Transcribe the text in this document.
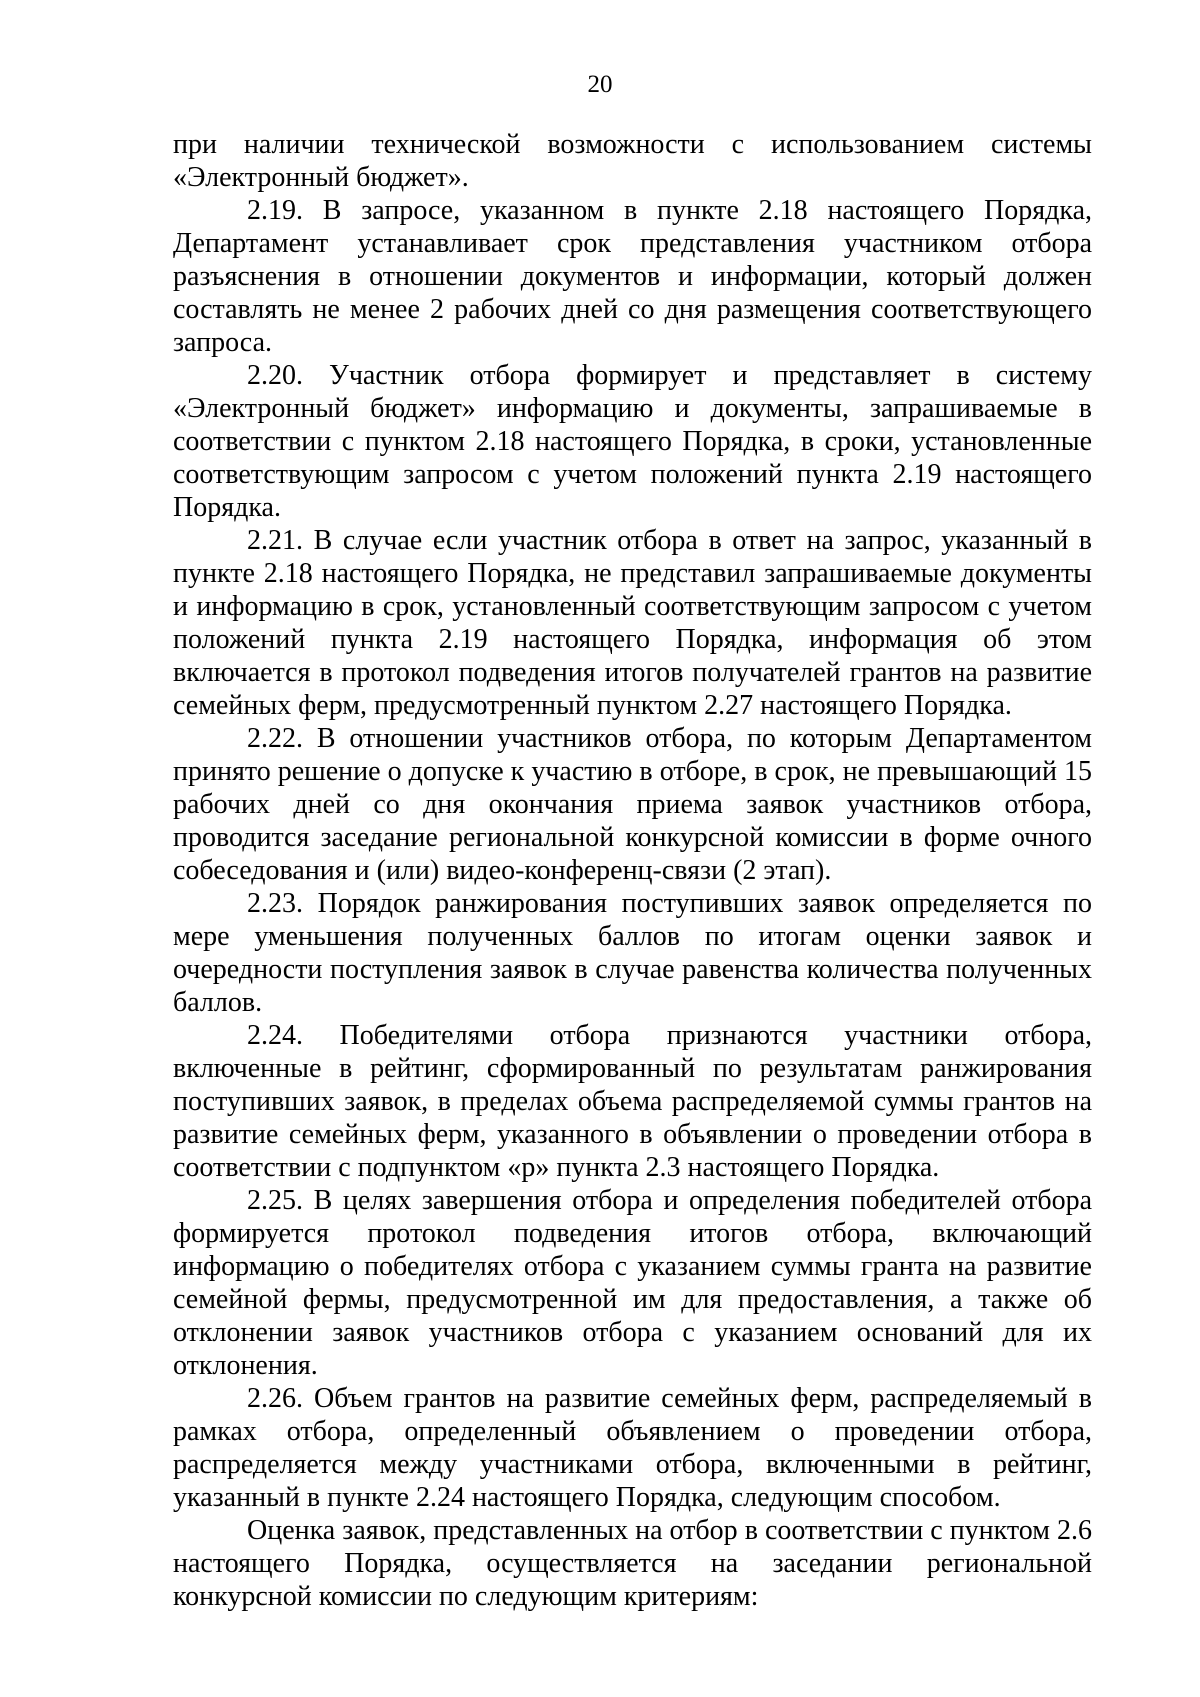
20

при наличии технической возможности с использованием системы «Электронный бюджет».

2.19. В запросе, указанном в пункте 2.18 настоящего Порядка, Департамент устанавливает срок представления участником отбора разъяснения в отношении документов и информации, который должен составлять не менее 2 рабочих дней со дня размещения соответствующего запроса.

2.20. Участник отбора формирует и представляет в систему «Электронный бюджет» информацию и документы, запрашиваемые в соответствии с пунктом 2.18 настоящего Порядка, в сроки, установленные соответствующим запросом с учетом положений пункта 2.19 настоящего Порядка.

2.21. В случае если участник отбора в ответ на запрос, указанный в пункте 2.18 настоящего Порядка, не представил запрашиваемые документы и информацию в срок, установленный соответствующим запросом с учетом положений пункта 2.19 настоящего Порядка, информация об этом включается в протокол подведения итогов получателей грантов на развитие семейных ферм, предусмотренный пунктом 2.27 настоящего Порядка.

2.22. В отношении участников отбора, по которым Департаментом принято решение о допуске к участию в отборе, в срок, не превышающий 15 рабочих дней со дня окончания приема заявок участников отбора, проводится заседание региональной конкурсной комиссии в форме очного собеседования и (или) видео-конференц-связи (2 этап).

2.23. Порядок ранжирования поступивших заявок определяется по мере уменьшения полученных баллов по итогам оценки заявок и очередности поступления заявок в случае равенства количества полученных баллов.

2.24. Победителями отбора признаются участники отбора, включенные в рейтинг, сформированный по результатам ранжирования поступивших заявок, в пределах объема распределяемой суммы грантов на развитие семейных ферм, указанного в объявлении о проведении отбора в соответствии с подпунктом «р» пункта 2.3 настоящего Порядка.

2.25. В целях завершения отбора и определения победителей отбора формируется протокол подведения итогов отбора, включающий информацию о победителях отбора с указанием суммы гранта на развитие семейной фермы, предусмотренной им для предоставления, а также об отклонении заявок участников отбора с указанием оснований для их отклонения.

2.26. Объем грантов на развитие семейных ферм, распределяемый в рамках отбора, определенный объявлением о проведении отбора, распределяется между участниками отбора, включенными в рейтинг, указанный в пункте 2.24 настоящего Порядка, следующим способом.

Оценка заявок, представленных на отбор в соответствии с пунктом 2.6 настоящего Порядка, осуществляется на заседании региональной конкурсной комиссии по следующим критериям:
